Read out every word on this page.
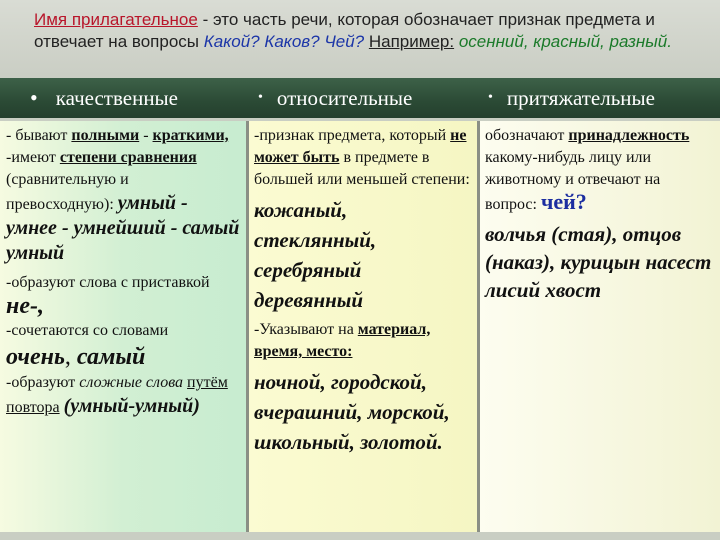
Имя прилагательное - это часть речи, которая обозначает признак предмета и отвечает на вопросы Какой? Каков? Чей? Например: осенний, красный, разный.
• качественные	• относительные	• притяжательные

- бывают полными - краткими,

-имеют степени сравнения

(сравнительную и превосходную): умный - умнее - умнейший - самый умный

-образуют слова с приставкой не-,

-сочетаются со словами

очень, самый

-образуют сложные слова путём повтора (умный-умный)

-признак предмета, который не может быть в предмете в большей или меньшей степени:

кожаный, стеклянный, серебряный деревянный

-Указывают на материал, время, место:

ночной, городской, вчерашний, морской, школьный, золотой.

обозначают принадлежность какому-нибудь лицу или животному и отвечают на вопрос: чей?

волчья (стая), отцов (наказ), курицын насест лисий хвост
